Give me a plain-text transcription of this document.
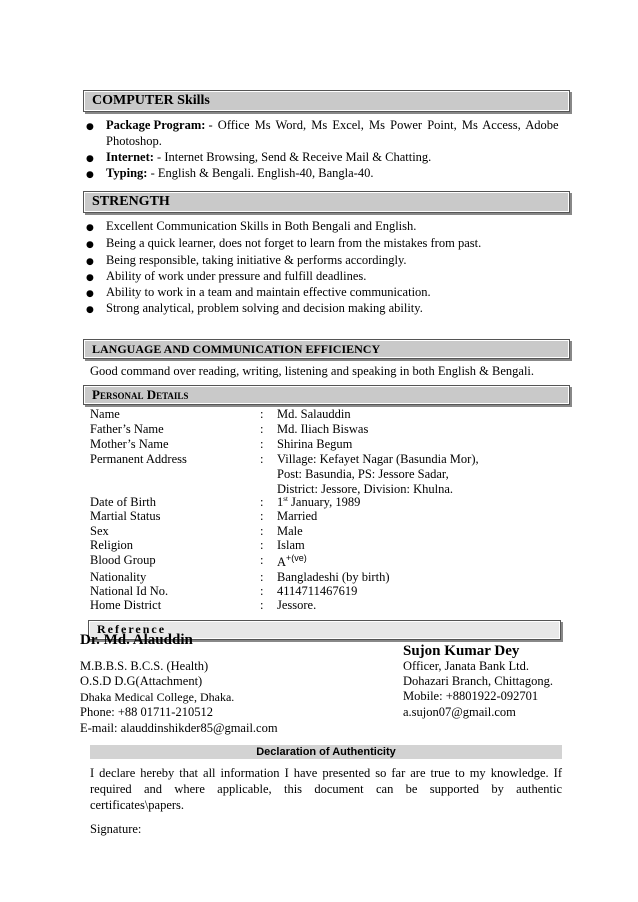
COMPUTER Skills
● Package Program: - Office Ms Word, Ms Excel, Ms Power Point, Ms Access, Adobe
Photoshop.
● Internet: - Internet Browsing, Send & Receive Mail & Chatting.
● Typing: - English & Bengali. English-40, Bangla-40.
STRENGTH
● Excellent Communication Skills in Both Bengali and English.
● Being a quick learner, does not forget to learn from the mistakes from past.
● Being responsible, taking initiative & performs accordingly.
● Ability of work under pressure and fulfill deadlines.
● Ability to work in a team and maintain effective communication.
● Strong analytical, problem solving and decision making ability.
LANGUAGE AND COMMUNICATION EFFICIENCY
Good command over reading, writing, listening and speaking in both English & Bengali.
Personal Details
Name	: Md. Salauddin
Father’s Name	: Md. Iliach Biswas
Mother’s Name	: Shirina Begum
Permanent Address	: Village: Kefayet Nagar (Basundia Mor),
Post: Basundia, PS: Jessore Sadar,
District: Jessore, Division: Khulna.
Date of Birth	: 1st January, 1989
Martial Status	: Married
Sex	: Male
Religion	: Islam
Blood Group	: $A^{+(ve)}$
Nationality	: Bangladeshi (by birth)
National Id No.	: 4114711467619
Home District	: Jessore.
Reference
Dr. Md. Alauddin
M.B.B.S. B.C.S. (Health)
O.S.D D.G(Attachment)
Dhaka Medical College, Dhaka.
Phone: +88 01711-210512
E-mail: alauddinshikder85@gmail.com
Sujon Kumar Dey
Officer, Janata Bank Ltd.
Dohazari Branch, Chittagong.
Mobile: +8801922-092701
a.sujon07@gmail.com
Declaration of Authenticity
I declare hereby that all information I have presented so far are true to my knowledge. If
required and where applicable, this document can be supported by authentic
certificates\papers.
Signature:
